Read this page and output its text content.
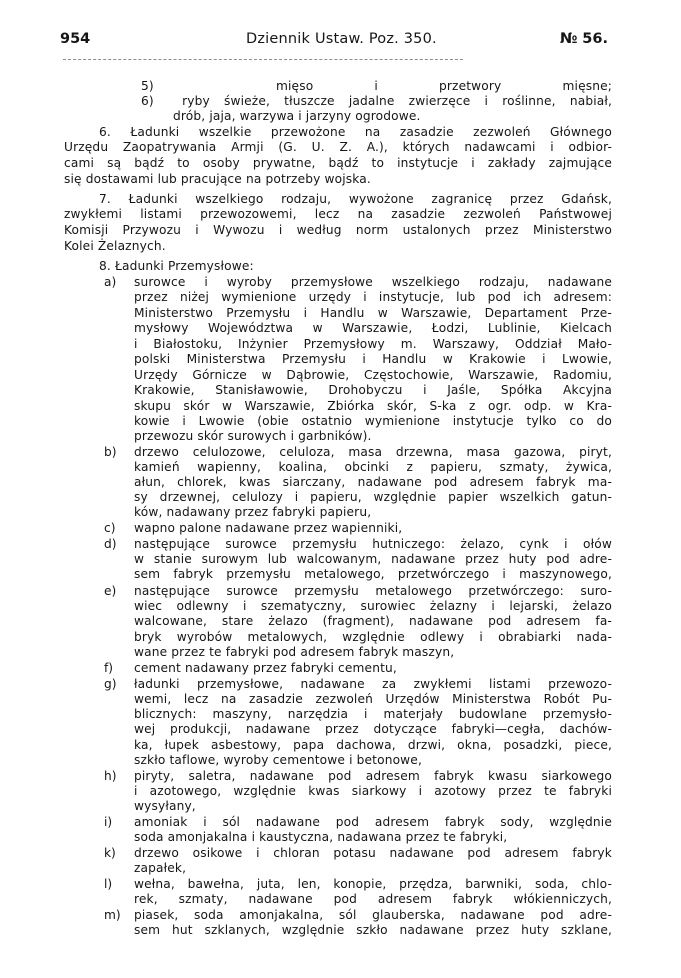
954	Dziennik Ustaw. Poz. 350.	№ 56.
5)  mięso i przetwory mięsne;
6)  ryby świeże, tłuszcze jadalne zwierzęce i roślinne, nabiał,
drób, jaja, warzywa i jarzyny ogrodowe.
6. Ładunki wszelkie przewożone na zasadzie zezwoleń Głównego
Urzędu Zaopatrywania Armji (G. U. Z. A.), których nadawcami i odbior-
cami są bądź to osoby prywatne, bądź to instytucje i zakłady zajmujące
się dostawami lub pracujące na potrzeby wojska.
7. Ładunki wszelkiego rodzaju, wywożone zagranicę przez Gdańsk,
zwykłemi listami przewozowemi, lecz na zasadzie zezwoleń Państwowej
Komisji Przywozu i Wywozu i według norm ustalonych przez Ministerstwo
Kolei Żelaznych.
8. Ładunki Przemysłowe:
a)
b)
c)
d)
e)
f)
g)
h)
i)
k)
l)
m)
surowce i wyroby przemysłowe wszelkiego rodzaju, nadawane
przez niżej wymienione urzędy i instytucje, lub pod ich adresem:
Ministerstwo Przemysłu i Handlu w Warszawie, Departament Prze-
mysłowy Województwa w Warszawie, Łodzi, Lublinie, Kielcach
i Białostoku, Inżynier Przemysłowy m. Warszawy, Oddział Mało-
polski Ministerstwa Przemysłu i Handlu w Krakowie i Lwowie,
Urzędy Górnicze w Dąbrowie, Częstochowie, Warszawie, Radomiu,
Krakowie, Stanisławowie, Drohobyczu i Jaśle, Spółka Akcyjna
skupu skór w Warszawie, Zbiórka skór, S-ka z ogr. odp. w Kra-
kowie i Lwowie (obie ostatnio wymienione instytucje tylko co do
przewozu skór surowych i garbników).
drzewo celulozowe, celuloza, masa drzewna, masa gazowa, piryt,
kamień wapienny, koalina, obcinki z papieru, szmaty, żywica,
ałun, chlorek, kwas siarczany, nadawane pod adresem fabryk ma-
sy drzewnej, celulozy i papieru, względnie papier wszelkich gatun-
ków, nadawany przez fabryki papieru,
wapno palone nadawane przez wapienniki,
następujące surowce przemysłu hutniczego: żelazo, cynk i ołów
w stanie surowym lub walcowanym, nadawane przez huty pod adre-
sem fabryk przemysłu metalowego, przetwórczego i maszynowego,
następujące surowce przemysłu metalowego przetwórczego: suro-
wiec odlewny i szematyczny, surowiec żelazny i lejarski, żelazo
walcowane, stare żelazo (fragment), nadawane pod adresem fa-
bryk wyrobów metalowych, względnie odlewy i obrabiarki nada-
wane przez te fabryki pod adresem fabryk maszyn,
cement nadawany przez fabryki cementu,
ładunki przemysłowe, nadawane za zwykłemi listami przewozo-
wemi, lecz na zasadzie zezwoleń Urzędów Ministerstwa Robót Pu-
blicznych: maszyny, narzędzia i materjały budowlane przemysło-
wej produkcji, nadawane przez dotyczące fabryki—cegła, dachów-
ka, łupek asbestowy, papa dachowa, drzwi, okna, posadzki, piece,
szkło taflowe, wyroby cementowe i betonowe,
piryty, saletra, nadawane pod adresem fabryk kwasu siarkowego
i azotowego, względnie kwas siarkowy i azotowy przez te fabryki
wysyłany,
amoniak i sól nadawane pod adresem fabryk sody, względnie
soda amonjakalna i kaustyczna, nadawana przez te fabryki,
drzewo osikowe i chloran potasu nadawane pod adresem fabryk
zapałek,
wełna, bawełna, juta, len, konopie, przędza, barwniki, soda, chlo-
rek, szmaty, nadawane pod adresem fabryk włókienniczych,
piasek, soda amonjakalna, sól glauberska, nadawane pod adre-
sem hut szklanych, względnie szkło nadawane przez huty szklane,
